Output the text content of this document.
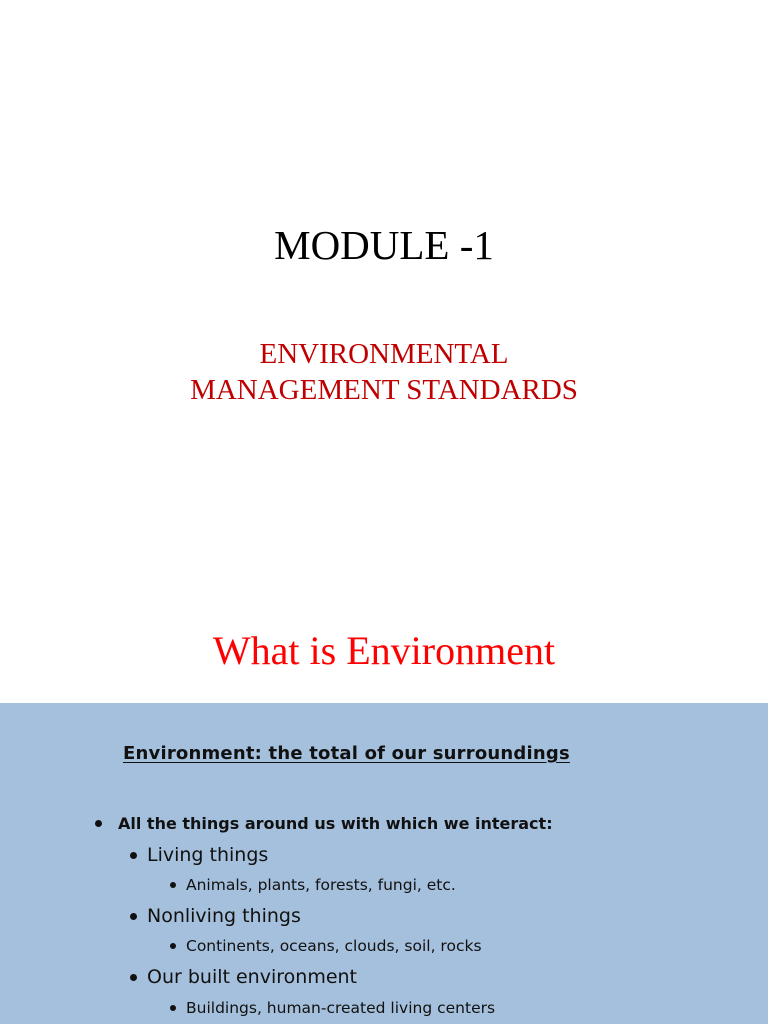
MODULE -1
ENVIRONMENTAL
MANAGEMENT STANDARDS
What is Environment
Environment: the total of our surroundings
All the things around us with which we interact:
Living things
Animals, plants, forests, fungi, etc.
Nonliving things
Continents, oceans, clouds, soil, rocks
Our built environment
Buildings, human-created living centers
